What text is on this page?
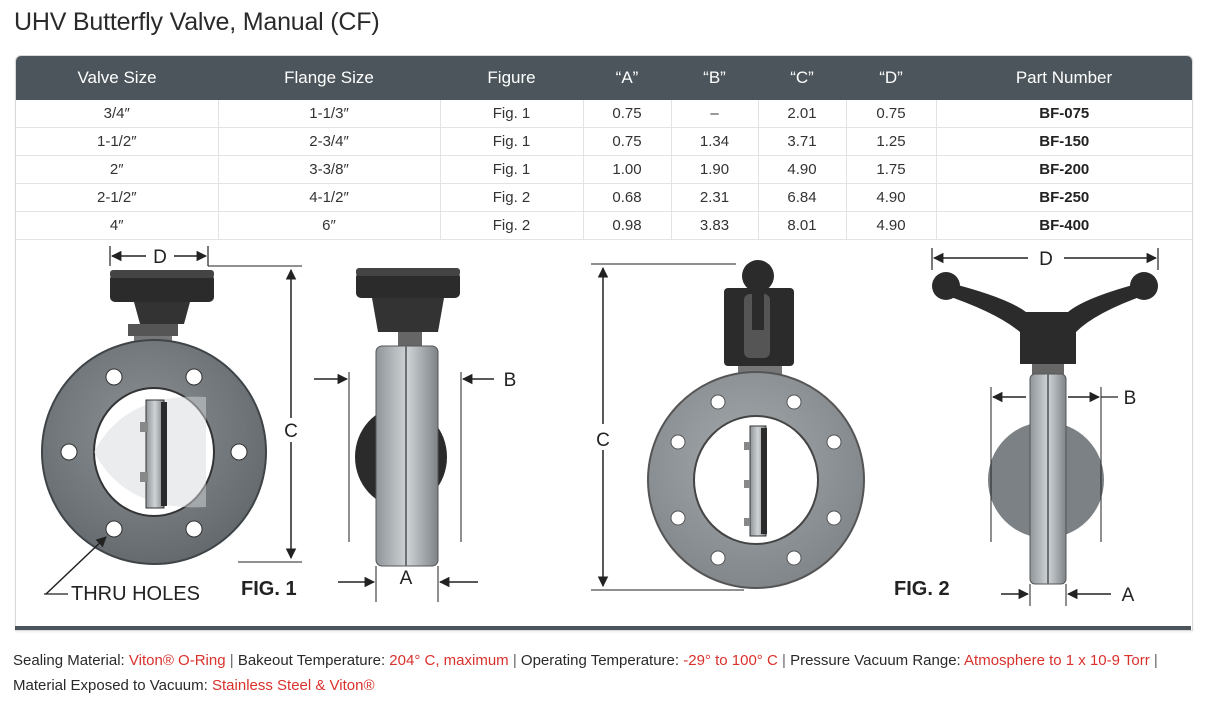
UHV Butterfly Valve, Manual (CF)
Valve Size	Flange Size	Figure	“A”	“B”	“C”	“D”	Part Number
3/4″	1-1/3″	Fig. 1	0.75	–	2.01	0.75	BF-075
1-1/2″	2-3/4″	Fig. 1	0.75	1.34	3.71	1.25	BF-150
2″	3-3/8″	Fig. 1	1.00	1.90	4.90	1.75	BF-200
2-1/2″	4-1/2″	Fig. 2	0.68	2.31	6.84	4.90	BF-250
4″	6″	Fig. 2	0.98	3.83	8.01	4.90	BF-400
D
C
THRU HOLES FIG. 1
B
A
C
FIG. 2
D
B
A
Sealing Material: Viton® O-Ring | Bakeout Temperature: 204° C, maximum | Operating Temperature: -29° to 100° C | Pressure Vacuum Range: Atmosphere to 1 x 10-9 Torr | Material Exposed to Vacuum: Stainless Steel & Viton®
